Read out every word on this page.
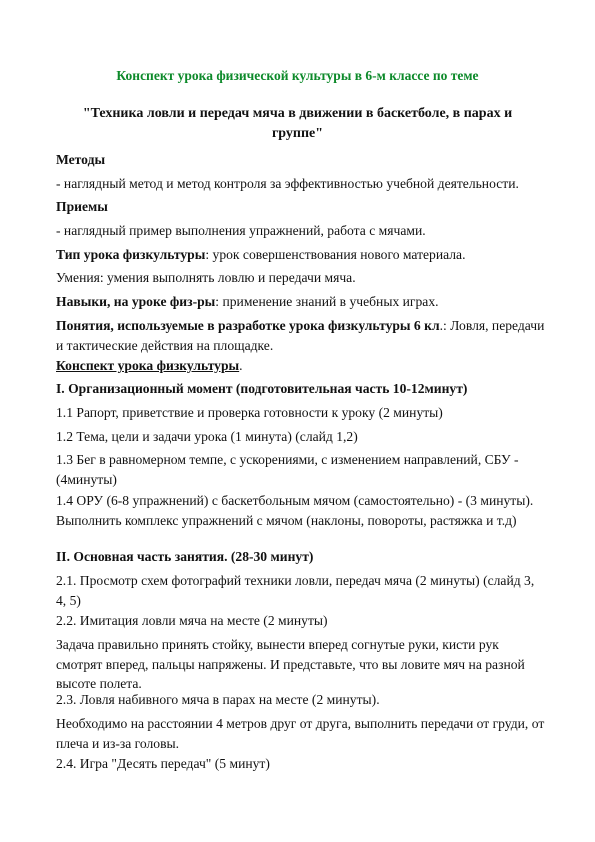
Конспект урока физической культуры в 6-м классе по теме
"Техника ловли и передач мяча в движении в баскетболе, в парах и группе"

Методы

- наглядный метод и метод контроля за эффективностью учебной деятельности.

Приемы

- наглядный пример выполнения упражнений, работа с мячами.

Тип урока физкультуры: урок совершенствования нового материала.

Умения: умения выполнять ловлю и передачи мяча.

Навыки, на уроке физ-ры: применение знаний в учебных играх.

Понятия, используемые в разработке урока физкультуры 6 кл.: Ловля, передачи и тактические действия на площадке.

Конспект урока физкультуры.

I. Организационный момент (подготовительная часть 10-12минут)

1.1 Рапорт, приветствие и проверка готовности к уроку (2 минуты)

1.2 Тема, цели и задачи урока (1 минута) (слайд 1,2)

1.3 Бег в равномерном темпе, с ускорениями, с изменением направлений, СБУ - (4минуты)

1.4 ОРУ (6-8 упражнений) с баскетбольным мячом (самостоятельно) - (3 минуты). Выполнить комплекс упражнений с мячом (наклоны, повороты, растяжка и т.д)

II. Основная часть занятия. (28-30 минут)

2.1. Просмотр схем фотографий техники ловли, передач мяча (2 минуты) (слайд 3, 4, 5)

2.2. Имитация ловли мяча на месте (2 минуты)

Задача правильно принять стойку, вынести вперед согнутые руки, кисти рук смотрят вперед, пальцы напряжены. И представьте, что вы ловите мяч на разной высоте полета.

2.3. Ловля набивного мяча в парах на месте (2 минуты).

Необходимо на расстоянии 4 метров друг от друга, выполнить передачи от груди, от плеча и из-за головы.

2.4. Игра "Десять передач" (5 минут)
